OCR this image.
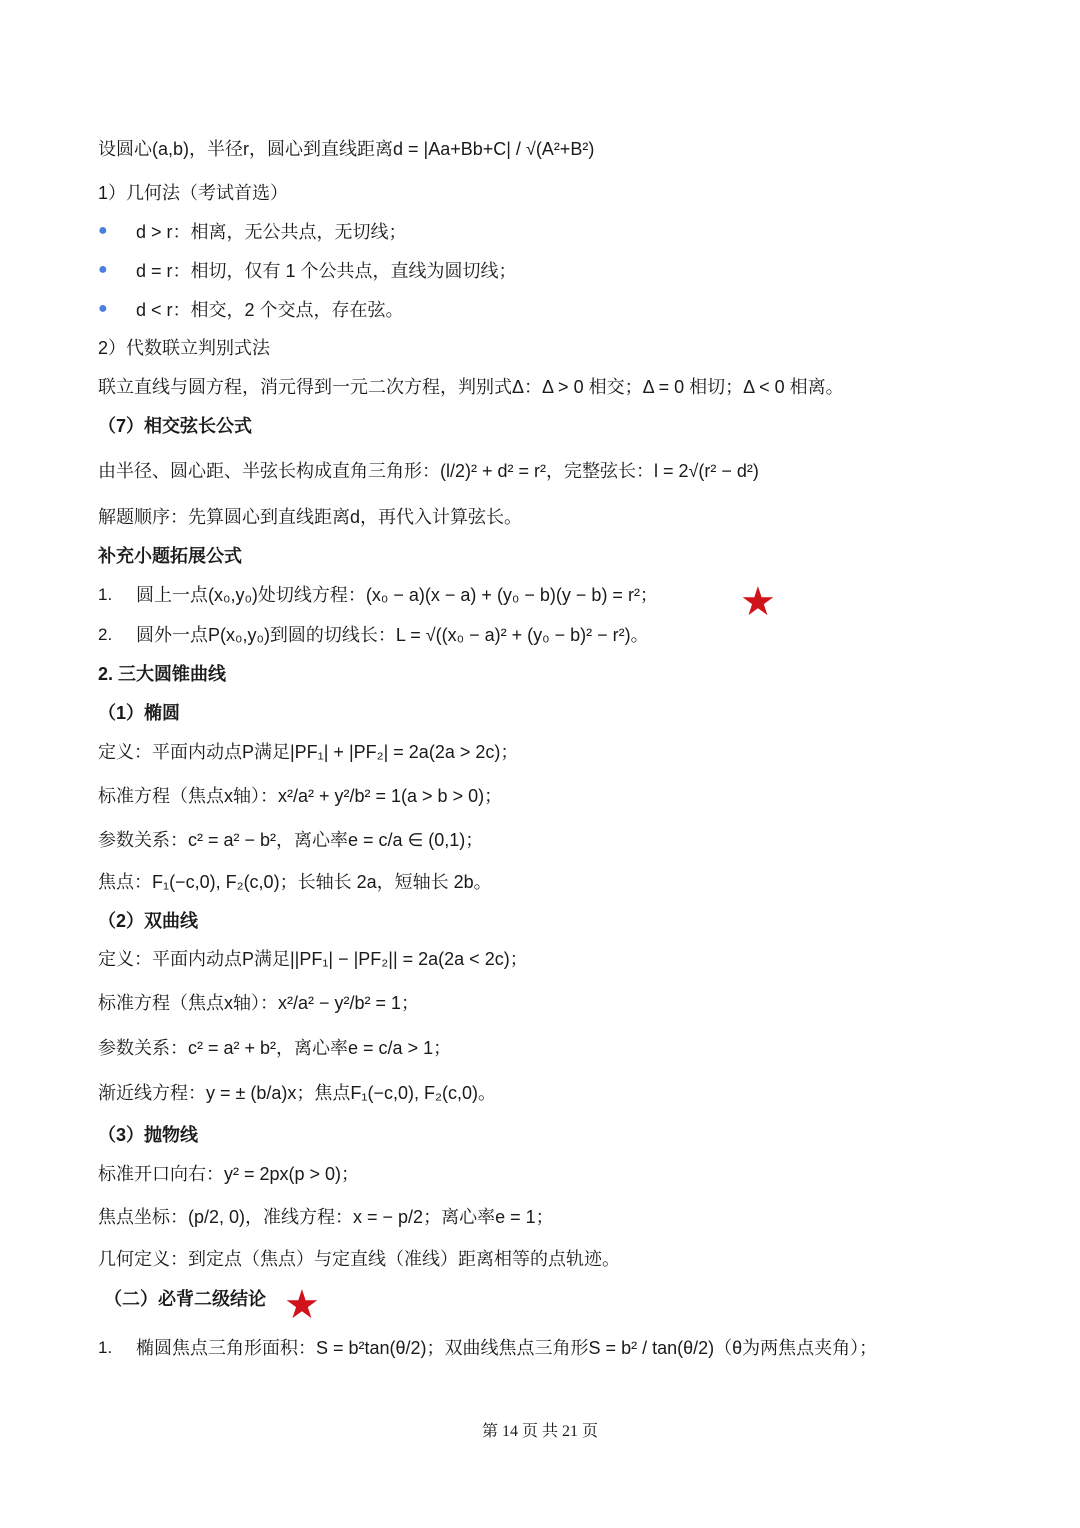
设圆心(a,b)，半径r，圆心到直线距离d = |Aa+Bb+C| / √(A²+B²)
1）几何法（考试首选）
● d > r：相离，无公共点，无切线；
● d = r：相切，仅有 1 个公共点，直线为圆切线；
● d < r：相交，2 个交点，存在弦。
2）代数联立判别式法
联立直线与圆方程，消元得到一元二次方程，判别式Δ：Δ > 0 相交；Δ = 0 相切；Δ < 0 相离。
（7）相交弦长公式
由半径、圆心距、半弦长构成直角三角形：(l/2)² + d² = r²，完整弦长：l = 2√(r² − d²)
解题顺序：先算圆心到直线距离d，再代入计算弦长。
补充小题拓展公式
1. 圆上一点(x₀,y₀)处切线方程：(x₀ − a)(x − a) + (y₀ − b)(y − b) = r²； ★
2. 圆外一点P(x₀,y₀)到圆的切线长：L = √((x₀ − a)² + (y₀ − b)² − r²)。
2. 三大圆锥曲线
（1）椭圆
定义：平面内动点P满足|PF₁| + |PF₂| = 2a(2a > 2c)；
标准方程（焦点x轴）：x²/a² + y²/b² = 1(a > b > 0)；
参数关系：c² = a² − b²，离心率e = c/a ∈ (0,1)；
焦点：F₁(−c,0), F₂(c,0)；长轴长 2a，短轴长 2b。
（2）双曲线
定义：平面内动点P满足||PF₁| − |PF₂|| = 2a(2a < 2c)；
标准方程（焦点x轴）：x²/a² − y²/b² = 1；
参数关系：c² = a² + b²，离心率e = c/a > 1；
渐近线方程：y = ± (b/a)x；焦点F₁(−c,0), F₂(c,0)。
（3）抛物线
标准开口向右：y² = 2px(p > 0)；
焦点坐标：(p/2, 0)，准线方程：x = − p/2；离心率e = 1；
几何定义：到定点（焦点）与定直线（准线）距离相等的点轨迹。
（二）必背二级结论 ★
1. 椭圆焦点三角形面积：S = b²tan(θ/2)；双曲线焦点三角形S = b² / tan(θ/2)（θ为两焦点夹角）；
第 14 页 共 21 页
